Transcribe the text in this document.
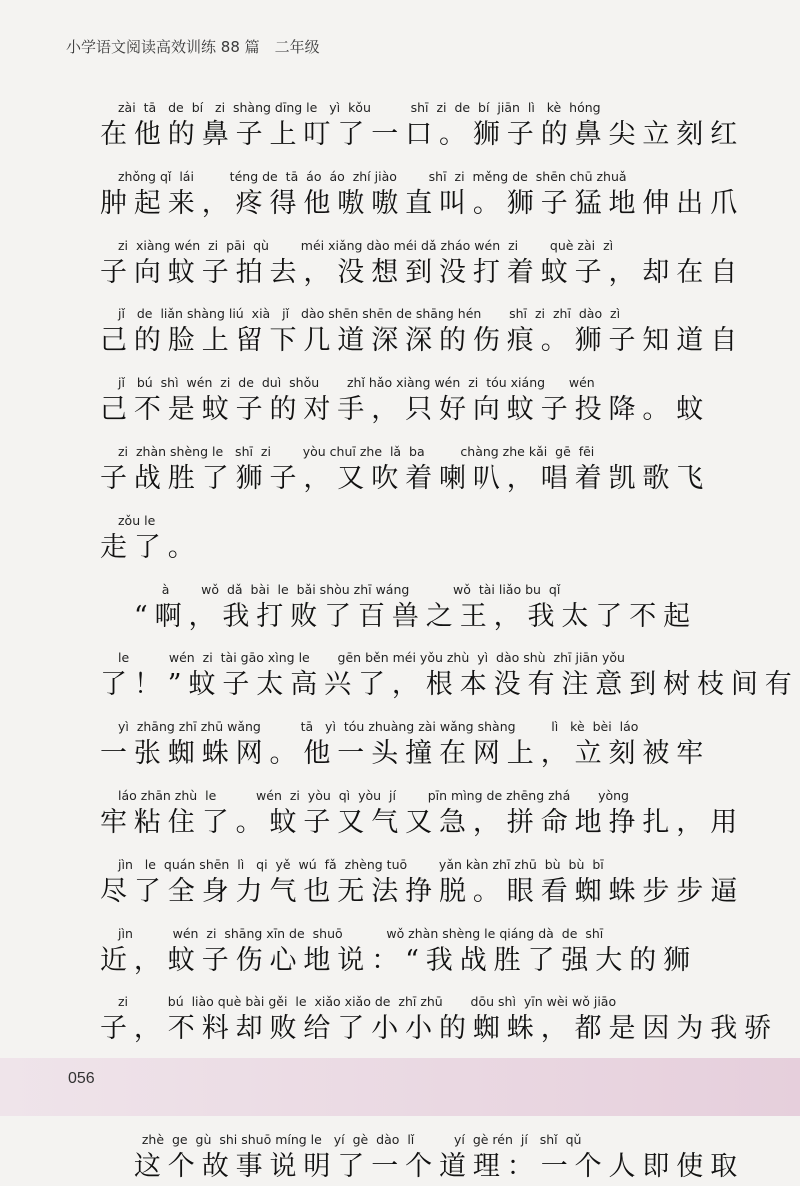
小学语文阅读高效训练 88 篇　二年级
zài  tā   de  bí   zi  shàng dīng le   yì  kǒu          shī  zi  de  bí  jiān  lì   kè  hóng
在他的鼻子上叮了一口。狮子的鼻尖立刻红
zhǒng qǐ  lái         téng de  tā  áo  áo  zhí jiào        shī  zi  měng de  shēn chū zhuǎ
肿起来，疼得他嗷嗷直叫。狮子猛地伸出爪
zi  xiàng wén  zi  pāi  qù        méi xiǎng dào méi dǎ zháo wén  zi        què zài  zì
子向蚊子拍去，没想到没打着蚊子，却在自
jǐ   de  liǎn shàng liú  xià   jǐ   dào shēn shēn de shāng hén       shī  zi  zhī  dào  zì
己的脸上留下几道深深的伤痕。狮子知道自
jǐ   bú  shì  wén  zi  de  duì  shǒu       zhǐ hǎo xiàng wén  zi  tóu xiáng      wén
己不是蚊子的对手，只好向蚊子投降。蚊
zi  zhàn shèng le   shī  zi        yòu chuī zhe  lǎ  ba         chàng zhe kǎi  gē  fēi
子战胜了狮子，又吹着喇叭，唱着凯歌飞
zǒu le
走了。
à        wǒ  dǎ  bài  le  bǎi shòu zhī wáng           wǒ  tài liǎo bu  qǐ
　“啊，我打败了百兽之王，我太了不起
le          wén  zi  tài gāo xìng le       gēn běn méi yǒu zhù  yì  dào shù  zhī jiān yǒu
了！”蚊子太高兴了，根本没有注意到树枝间有
yì  zhāng zhī zhū wǎng          tā   yì  tóu zhuàng zài wǎng shàng         lì   kè  bèi  láo
一张蜘蛛网。他一头撞在网上，立刻被牢
láo zhān zhù  le          wén  zi  yòu  qì  yòu  jí        pīn mìng de zhēng zhá       yòng
牢粘住了。蚊子又气又急，拼命地挣扎，用
jìn   le  quán shēn  lì   qi  yě  wú  fǎ  zhèng tuō        yǎn kàn zhī zhū  bù  bù  bī
尽了全身力气也无法挣脱。眼看蜘蛛步步逼
jìn          wén  zi  shāng xīn de  shuō           wǒ zhàn shèng le qiáng dà  de  shī
近，蚊子伤心地说：“我战胜了强大的狮
zi          bú  liào què bài gěi  le  xiǎo xiǎo de  zhī zhū       dōu shì  yīn wèi wǒ jiāo
子，不料却败给了小小的蜘蛛，都是因为我骄
zhè  ge  gù  shi shuō míng le   yí  gè  dào  lǐ          yí  gè rén  jí   shǐ  qǔ
　这个故事说明了一个道理：一个人即使取
056
